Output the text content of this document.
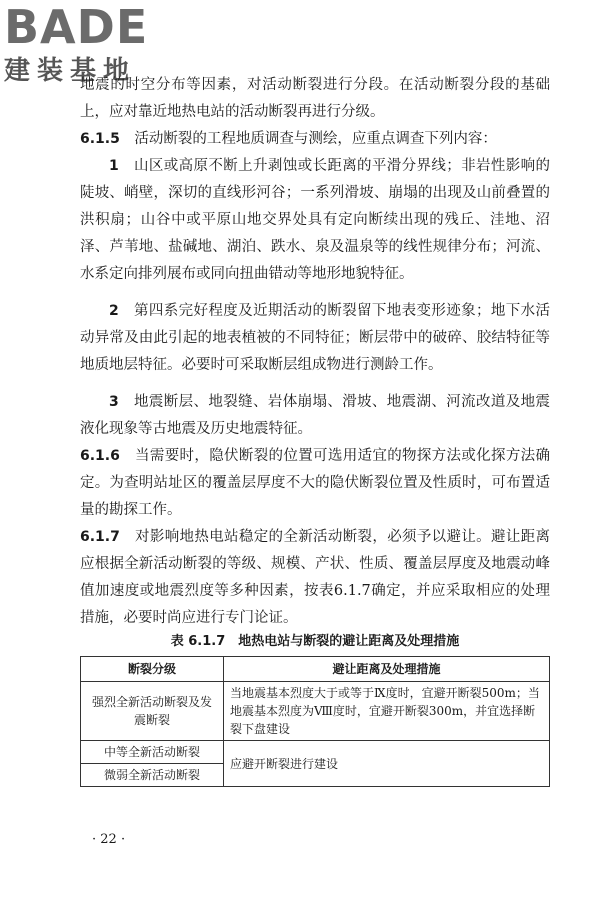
BADE
建装基地

地震的时空分布等因素，对活动断裂进行分段。在活动断裂分段的基础上，应对靠近地热电站的活动断裂再进行分级。

6.1.5　 活动断裂的工程地质调查与测绘，应重点调查下列内容：

1　 山区或高原不断上升剥蚀或长距离的平滑分界线；非岩性影响的陡坡、峭壁，深切的直线形河谷；一系列滑坡、崩塌的出现及山前叠置的洪积扇；山谷中或平原山地交界处具有定向断续出现的残丘、洼地、沼泽、芦苇地、盐碱地、湖泊、跌水、泉及温泉等的线性规律分布；河流、水系定向排列展布或同向扭曲错动等地形地貌特征。

2　 第四系完好程度及近期活动的断裂留下地表变形迹象；地下水活动异常及由此引起的地表植被的不同特征；断层带中的破碎、胶结特征等地质地层特征。必要时可采取断层组成物进行测龄工作。

3　 地震断层、地裂缝、岩体崩塌、滑坡、地震湖、河流改道及地震液化现象等古地震及历史地震特征。

6.1.6　 当需要时，隐伏断裂的位置可选用适宜的物探方法或化探方法确定。为查明站址区的覆盖层厚度不大的隐伏断裂位置及性质时，可布置适量的勘探工作。

6.1.7　 对影响地热电站稳定的全新活动断裂，必须予以避让。避让距离应根据全新活动断裂的等级、规模、产状、性质、覆盖层厚度及地震动峰值加速度或地震烈度等多种因素，按表6.1.7确定，并应采取相应的处理措施，必要时尚应进行专门论证。

表 6.1.7　地热电站与断裂的避让距离及处理措施
断裂分级	避让距离及处理措施
强烈全新活动断裂及发震断裂	当地震基本烈度大于或等于Ⅸ度时，宜避开断裂500m；当地震基本烈度为Ⅷ度时，宜避开断裂300m，并宜选择断裂下盘建设
中等全新活动断裂	应避开断裂进行建设
微弱全新活动断裂	
· 22 ·
